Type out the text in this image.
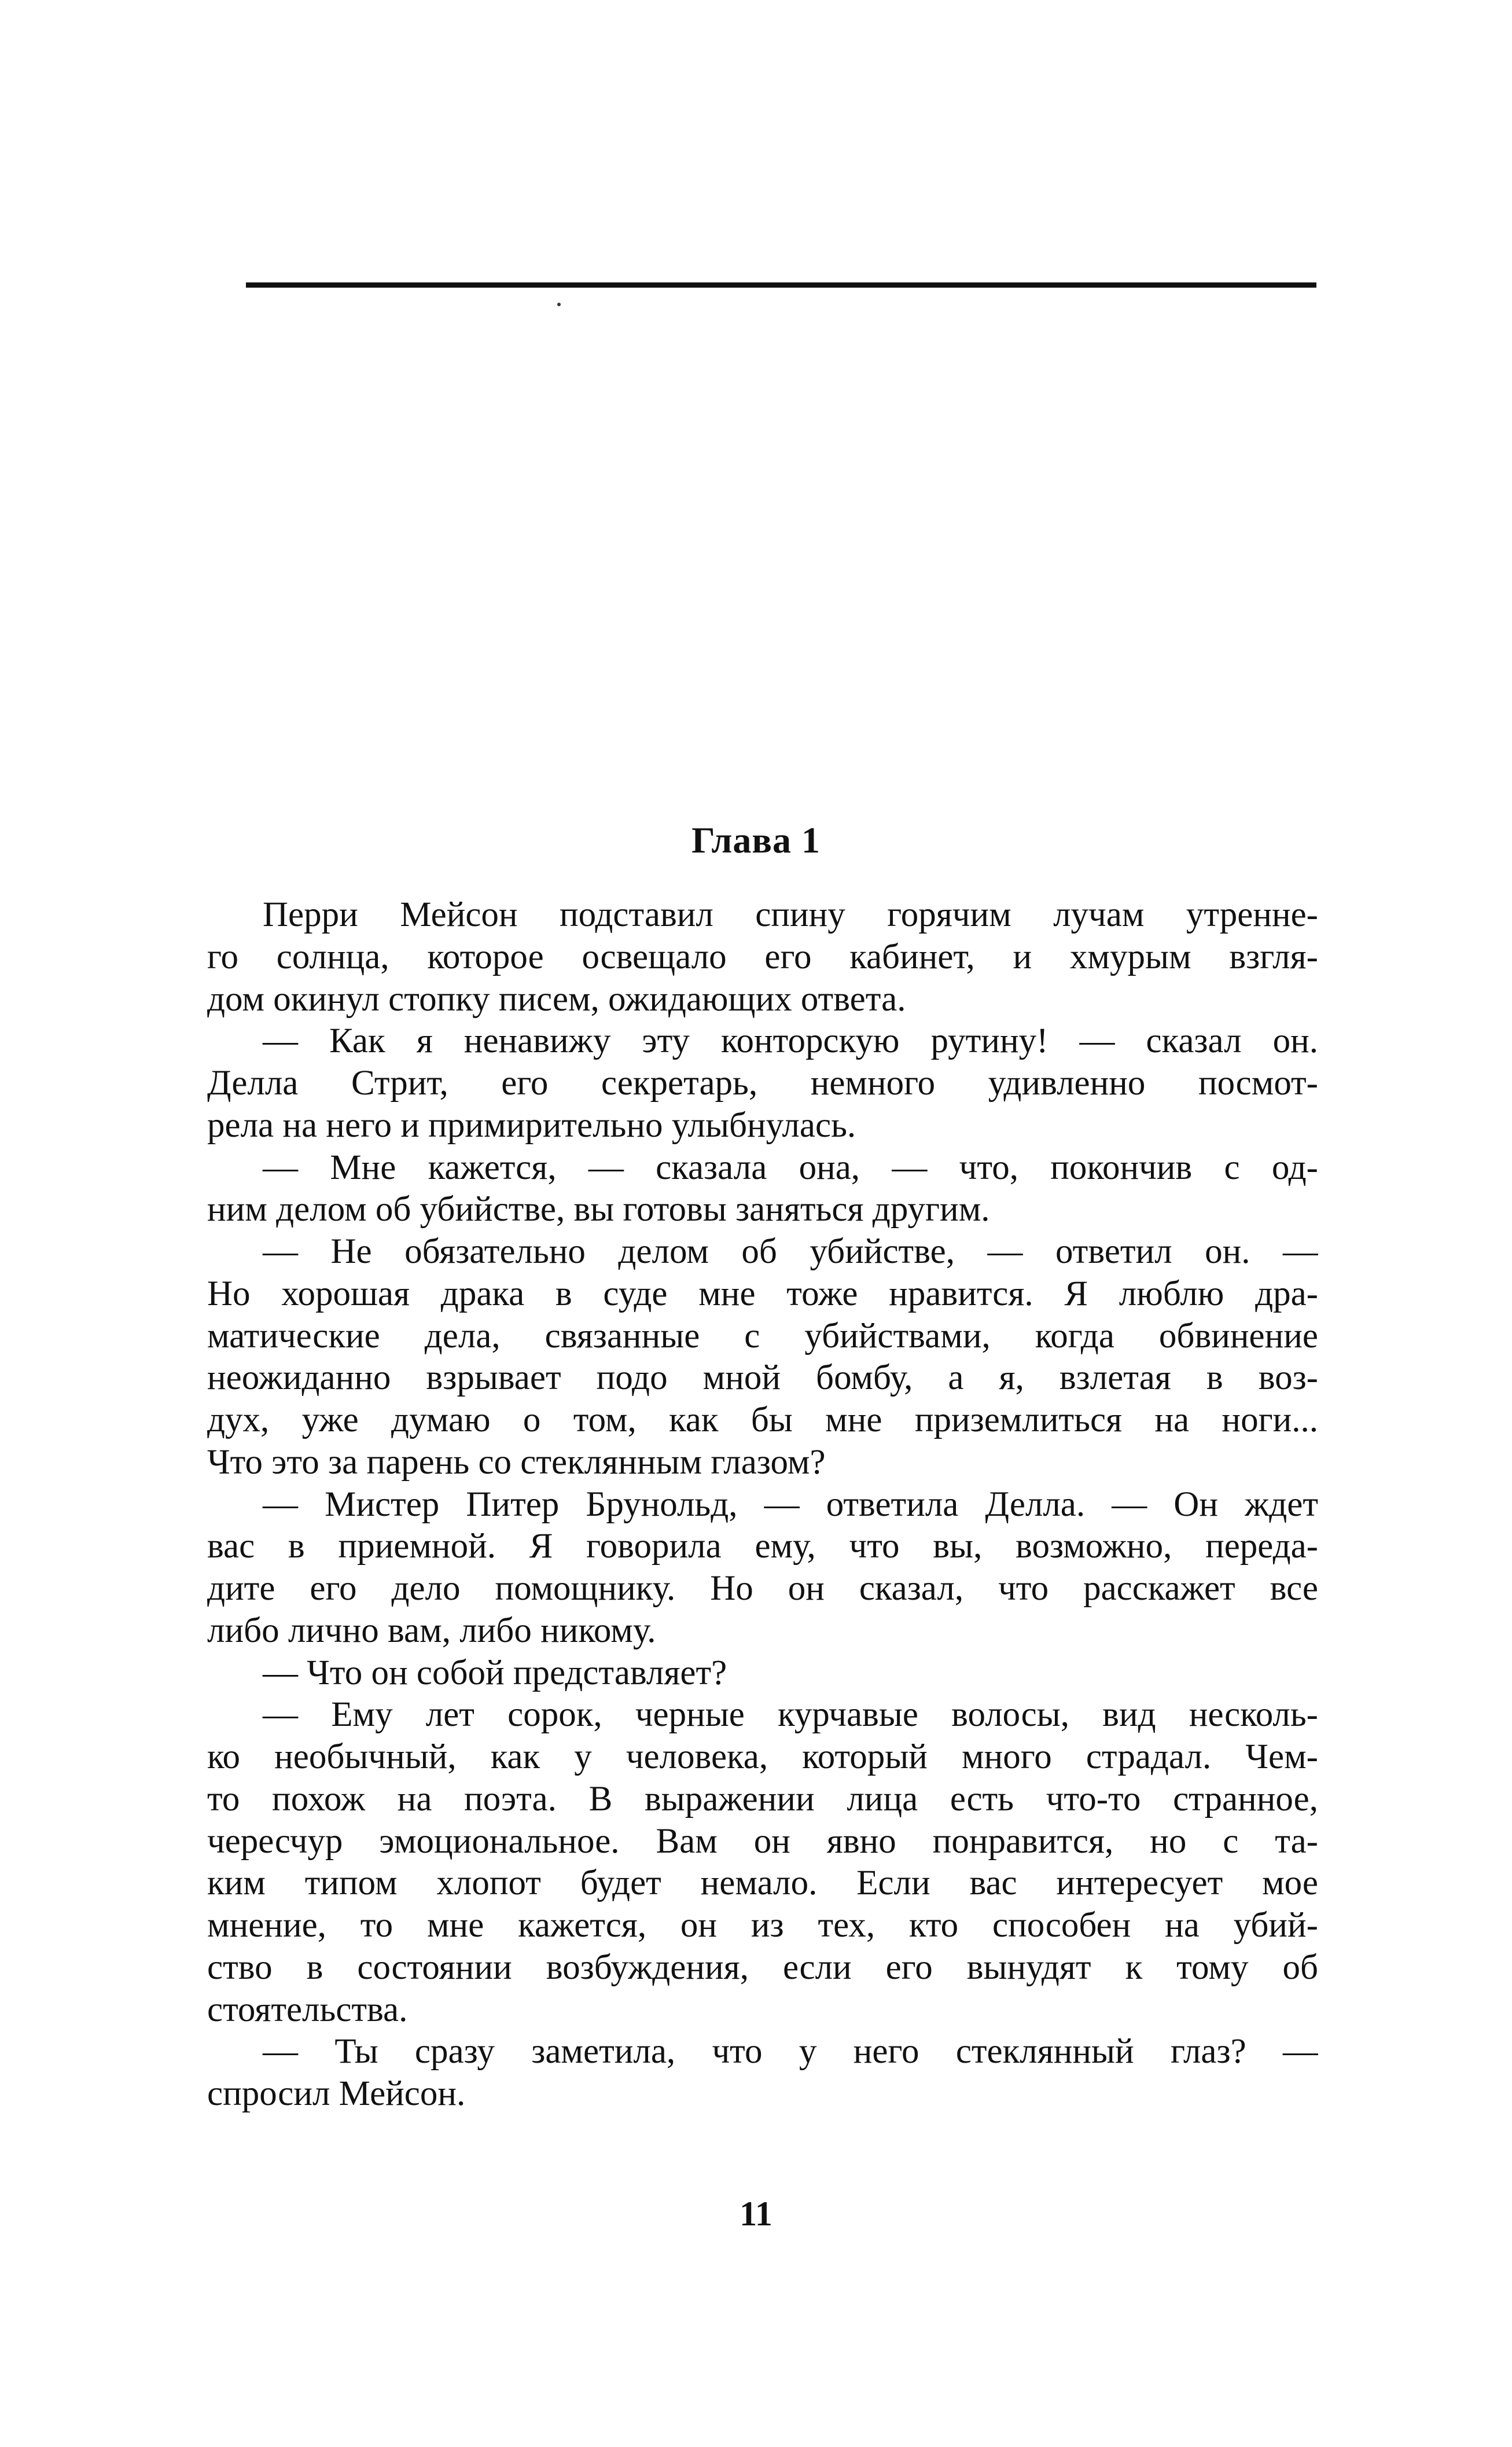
Глава 1
Перри Мейсон подставил спину горячим лучам утренне-
го солнца, которое освещало его кабинет, и хмурым взгля-
дом окинул стопку писем, ожидающих ответа.
— Как я ненавижу эту конторскую рутину! — сказал он.
Делла Стрит, его секретарь, немного удивленно посмот-
рела на него и примирительно улыбнулась.
— Мне кажется, — сказала она, — что, покончив с од-
ним делом об убийстве, вы готовы заняться другим.
— Не обязательно делом об убийстве, — ответил он. —
Но хорошая драка в суде мне тоже нравится. Я люблю дра-
матические дела, связанные с убийствами, когда обвинение
неожиданно взрывает подо мной бомбу, а я, взлетая в воз-
дух, уже думаю о том, как бы мне приземлиться на ноги...
Что это за парень со стеклянным глазом?
— Мистер Питер Брунольд, — ответила Делла. — Он ждет
вас в приемной. Я говорила ему, что вы, возможно, переда-
дите его дело помощнику. Но он сказал, что расскажет все
либо лично вам, либо никому.
— Что он собой представляет?
— Ему лет сорок, черные курчавые волосы, вид несколь-
ко необычный, как у человека, который много страдал. Чем-
то похож на поэта. В выражении лица есть что-то странное,
чересчур эмоциональное. Вам он явно понравится, но с та-
ким типом хлопот будет немало. Если вас интересует мое
мнение, то мне кажется, он из тех, кто способен на убий-
ство в состоянии возбуждения, если его вынудят к тому об
стоятельства.
— Ты сразу заметила, что у него стеклянный глаз? —
спросил Мейсон.
11
